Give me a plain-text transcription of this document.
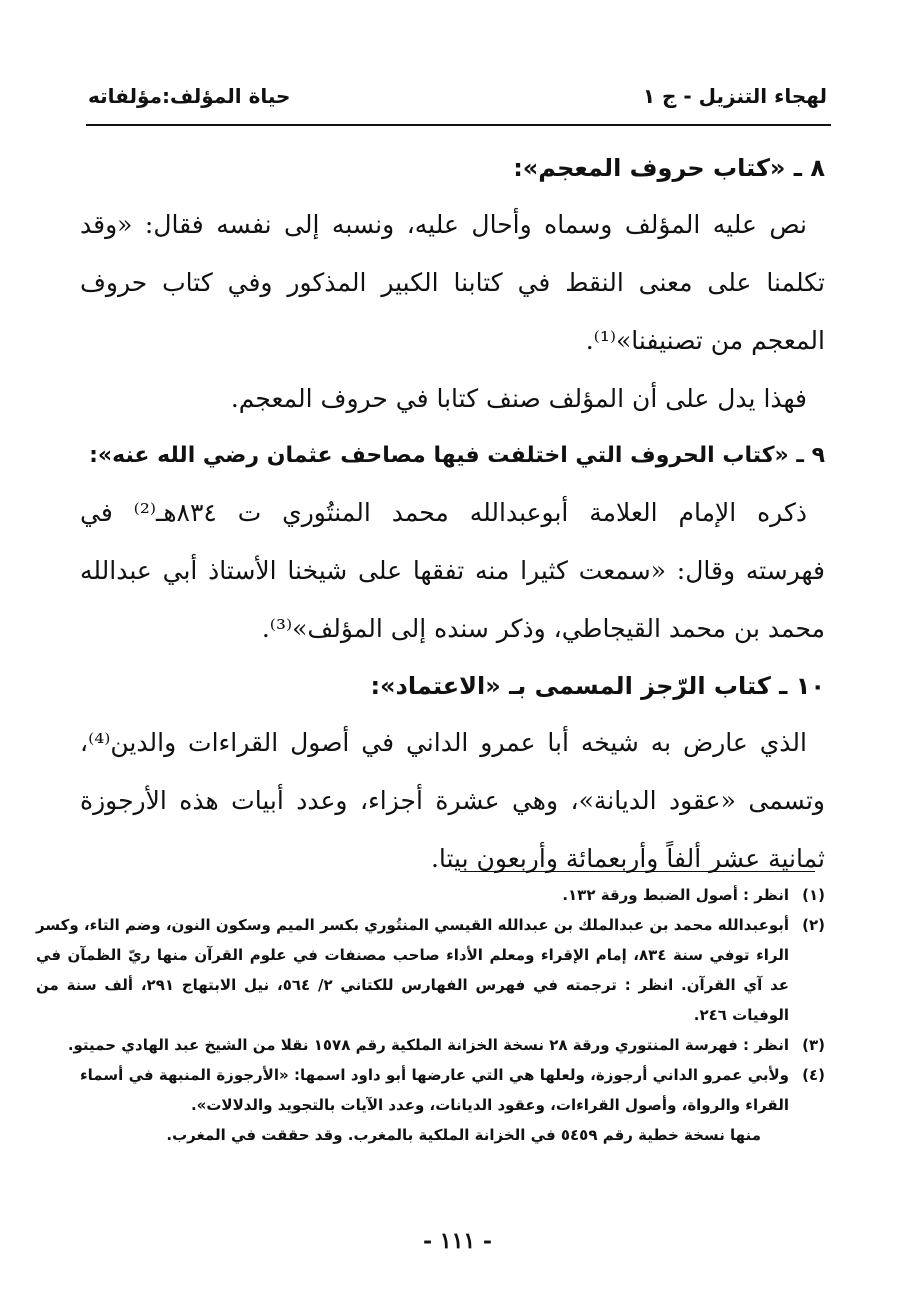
لهجاء التنزيل - ج ١
حياة المؤلف:مؤلفاته
٨ ـ «كتاب حروف المعجم»:
نص عليه المؤلف وسماه وأحال عليه، ونسبه إلى نفسه فقال: «وقد
تكلمنا على معنى النقط في كتابنا الكبير المذكور وفي كتاب حروف
المعجم من تصنيفنا»⁽¹⁾.
فهذا يدل على أن المؤلف صنف كتابا في حروف المعجم.
٩ ـ «كتاب الحروف التي اختلفت فيها مصاحف عثمان رضي الله عنه»:
ذكره الإمام العلامة أبوعبدالله محمد المنتُوري ت ٨٣٤هـ⁽²⁾ في
فهرسته وقال: «سمعت كثيرا منه تفقها على شيخنا الأستاذ أبي عبدالله
محمد بن محمد القيجاطي، وذكر سنده إلى المؤلف»⁽³⁾.
١٠ ـ كتاب الرّجز المسمى بـ «الاعتماد»:
الذي عارض به شيخه أبا عمرو الداني في أصول القراءات والدين⁽⁴⁾،
وتسمى «عقود الديانة»، وهي عشرة أجزاء، وعدد أبيات هذه الأرجوزة
ثمانية عشر ألفاً وأربعمائة وأربعون بيتا.
(١)
انظر : أصول الضبط ورقة ١٣٢.
(٢)
أبوعبدالله محمد بن عبدالملك بن عبدالله القيسي المنتُوري بكسر الميم وسكون النون، وضم التاء، وكسر
الراء توفي سنة ٨٣٤، إمام الإقراء ومعلم الأداء صاحب مصنفات في علوم القرآن منها ريّ الظمآن في
عد آي القرآن. انظر : ترجمته في فهرس الفهارس للكتاني ٢/ ٥٦٤، نيل الابتهاج ٢٩١، ألف سنة من
الوفيات ٢٤٦.
(٣)
انظر : فهرسة المنتوري ورقة ٢٨ نسخة الخزانة الملكية رقم ١٥٧٨ نقلا من الشيخ عبد الهادي حميتو.
(٤)
ولأبي عمرو الداني أرجوزة، ولعلها هي التي عارضها أبو داود اسمها: «الأرجوزة المنبهة في أسماء
القراء والرواة، وأصول القراءات، وعقود الديانات، وعدد الآيات بالتجويد والدلالات».
منها نسخة خطية رقم ٥٤٥٩ في الخزانة الملكية بالمغرب. وقد حققت في المغرب.
- ١١١ -
